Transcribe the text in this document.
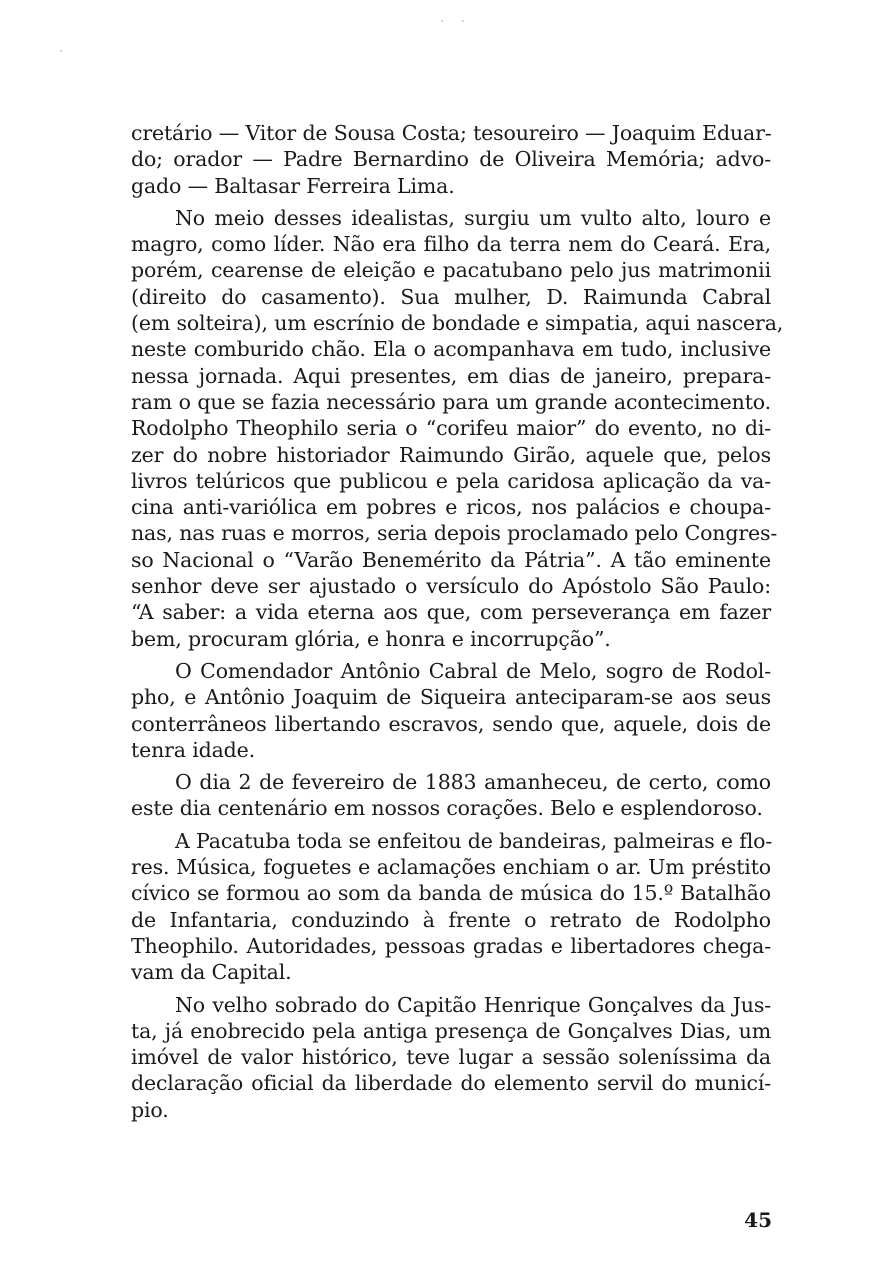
cretário — Vitor de Sousa Costa; tesoureiro — Joaquim Eduar-
do; orador — Padre Bernardino de Oliveira Memória; advo-
gado — Baltasar Ferreira Lima.
No meio desses idealistas, surgiu um vulto alto, louro e
magro, como líder. Não era filho da terra nem do Ceará. Era,
porém, cearense de eleição e pacatubano pelo jus matrimonii
(direito do casamento). Sua mulher, D. Raimunda Cabral
(em solteira), um escrínio de bondade e simpatia, aqui nascera,
neste comburido chão. Ela o acompanhava em tudo, inclusive
nessa jornada. Aqui presentes, em dias de janeiro, prepara-
ram o que se fazia necessário para um grande acontecimento.
Rodolpho Theophilo seria o “corifeu maior” do evento, no di-
zer do nobre historiador Raimundo Girão, aquele que, pelos
livros telúricos que publicou e pela caridosa aplicação da va-
cina anti-variólica em pobres e ricos, nos palácios e choupa-
nas, nas ruas e morros, seria depois proclamado pelo Congres-
so Nacional o “Varão Benemérito da Pátria”. A tão eminente
senhor deve ser ajustado o versículo do Apóstolo São Paulo:
“A saber: a vida eterna aos que, com perseverança em fazer
bem, procuram glória, e honra e incorrupção”.
O Comendador Antônio Cabral de Melo, sogro de Rodol-
pho, e Antônio Joaquim de Siqueira anteciparam-se aos seus
conterrâneos libertando escravos, sendo que, aquele, dois de
tenra idade.
O dia 2 de fevereiro de 1883 amanheceu, de certo, como
este dia centenário em nossos corações. Belo e esplendoroso.
A Pacatuba toda se enfeitou de bandeiras, palmeiras e flo-
res. Música, foguetes e aclamações enchiam o ar. Um préstito
cívico se formou ao som da banda de música do 15.º Batalhão
de Infantaria, conduzindo à frente o retrato de Rodolpho
Theophilo. Autoridades, pessoas gradas e libertadores chega-
vam da Capital.
No velho sobrado do Capitão Henrique Gonçalves da Jus-
ta, já enobrecido pela antiga presença de Gonçalves Dias, um
imóvel de valor histórico, teve lugar a sessão soleníssima da
declaração oficial da liberdade do elemento servil do municí-
pio.
45
